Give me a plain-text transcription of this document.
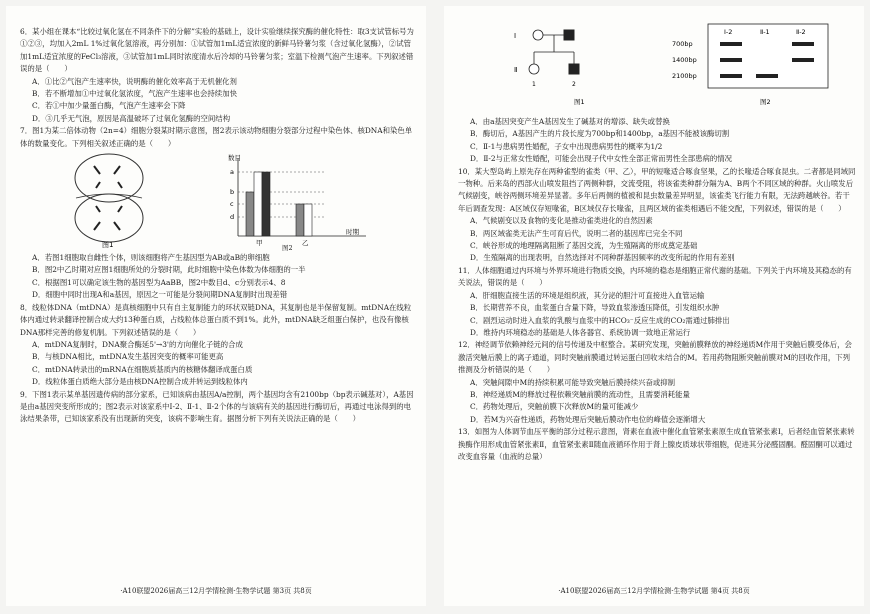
6．某小组在课本“比较过氧化氢在不同条件下的分解”实验的基础上，设计实验继续探究酶的催化特性：取3支试管标号为①②③，均加入2mL 1%过氧化氢溶液，再分别加：①试管加1mL适宜浓度的新鲜马铃薯匀浆（含过氧化氢酶），②试管加1mL适宜浓度的FeCl₃溶液，③试管加1mL同时浓度清水后冷却的马铃薯匀浆；室温下检测气泡产生速率。下列叙述错误的是（　　）

A．①比②气泡产生速率快，说明酶的催化效率高于无机催化剂

B．若不断增加①中过氧化氢浓度，气泡产生速率也会持续加快

C．若①中加少量蛋白酶，气泡产生速率会下降

D．③几乎无气泡，原因是高温破坏了过氧化氢酶的空间结构

7．图1为某二倍体动物（2n=4）细胞分裂某时期示意图，图2表示该动物细胞分裂部分过程中染色体、核DNA和染色单体的数量变化。下列相关叙述正确的是（　　）

图1
数目
时期
a
b
c
d
甲	乙
图2

A．若图1细胞取自雌性个体，则该细胞将产生基因型为AB或aB的卵细胞

B．图2中乙时期对应图1细胞所处的分裂时期，此时细胞中染色体数为体细胞的一半

C．根据图1可以确定该生物的基因型为AaBB，图2中数目d、c分别表示4、8

D．细胞中同时出现A和a基因，原因之一可能是分裂间期DNA复制时出现差错

8．线粒体DNA（mtDNA）是真核细胞中只有自主复制能力的环状双链DNA，其复制也是半保留复制。mtDNA在线粒体内通过转录翻译控制合成大约13种蛋白质，占线粒体总蛋白质不到1%。此外，mtDNA缺乏组蛋白保护，也没有像核DNA那样完善的修复机制。下列叙述错误的是（　　）

A．mtDNA复制时，DNA聚合酶延5'→3'的方向催化子链的合成

B．与核DNA相比，mtDNA发生基因突变的概率可能更高

C．mtDNA转录出的mRNA在细胞质基质内的核糖体翻译成蛋白质

D．线粒体蛋白质绝大部分是由核DNA控制合成并转运到线粒体内

9．下图1表示某单基因遗传病的部分家系，已知该病由基因A/a控制，两个基因均含有2100bp（bp表示碱基对），A基因是由a基因突变所形成的；图2表示对该家系中Ⅰ-2、Ⅱ-1、Ⅱ-2个体的与该病有关的基因进行酶切后，再通过电泳得到的电泳结果条带，已知该家系没有出现新的突变，该病不影响生育。据图分析下列有关说法正确的是（　　）

·A10联盟2026届高三12月学情检测·生物学试题 第3页 共8页
Ⅰ
Ⅱ
1	2
图1
Ⅰ-2	Ⅱ-1	Ⅱ-2
700bp
1400bp
2100bp
图2

A．由a基因突变产生A基因发生了碱基对的增添、缺失或替换

B．酶切后，A基因产生的片段长度为700bp和1400bp，a基因不能被该酶切割

C．Ⅱ-1与患病男性婚配，子女中出现患病男性的概率为1/2

D．Ⅱ-2与正常女性婚配，可能会出现子代中女性全部正常而男性全部患病的情况

10．某大型岛屿上原先存在两种雀型的雀类（甲、乙），甲的短喙适合啄食坚果，乙的长喙适合啄食昆虫。二者都是同域同一物种。后来岛的西部火山喷发阻挡了两侧种群，交流受阻，将该雀类种群分隔为A、B两个不同区域的种群。火山喷发后气候剧变，峡谷两侧环境差异显著。多年后两侧的植被和昆虫数量差异明显，该雀类飞行能力有限，无法跨越峡谷。若干年后调查发现：A区域仅存短喙雀，B区域仅存长喙雀，且两区域的雀类相遇后不能交配，下列叙述，错误的是（　　）

A．气候剧变以及食物的变化是推动雀类进化的自然因素

B．两区域雀类无法产生可育后代，说明二者的基因库已完全不同

C．峡谷形成的地理隔离阻断了基因交流，为生殖隔离的形成奠定基础

D．生殖隔离的出现表明，自然选择对不同种群基因频率的改变所起的作用有差别

11．人体细胞通过内环境与外界环境进行物质交换，内环境的稳态是细胞正常代谢的基础。下列关于内环境及其稳态的有关说法，错误的是（　　）

A．肝细胞直接生活的环境是组织液，其分泌的胆汁可直接进入血管运输

B．长期营养不良，血浆蛋白含量下降，导致血浆渗透压降低，引发组织水肿

C．剧烈运动时进入血浆的乳酸与血浆中的HCO₃⁻反应生成的CO₂需通过肺排出

D．维持内环境稳态的基础是人体各器官、系统协调一致地正常运行

12．神经调节依赖神经元间的信号传递及中枢整合。某研究发现，突触前膜释放的神经递质M作用于突触后膜受体后，会激活突触后膜上的离子通道，同时突触前膜通过转运蛋白回收未结合的M。若用药物阻断突触前膜对M的回收作用，下列推测及分析错误的是（　　）

A．突触间隙中M的持续积累可能导致突触后膜持续兴奋或抑制

B．神经递质M的释放过程依赖突触前膜的流动性，且需要消耗能量

C．药物处理后，突触前膜下次释放M的量可能减少

D．若M为兴奋性递质，药物处理后突触后膜动作电位的峰值会逐渐增大

13．如图为人体调节血压平衡的部分过程示意图，肾素在血液中催化血管紧张素原生成血管紧张素Ⅰ，后者经血管紧张素转换酶作用形成血管紧张素Ⅱ，血管紧张素Ⅱ随血液循环作用于肾上腺皮质球状带细胞，促进其分泌醛固酮。醛固酮可以通过改变血容量（血液的总量）

·A10联盟2026届高三12月学情检测·生物学试题 第4页 共8页
